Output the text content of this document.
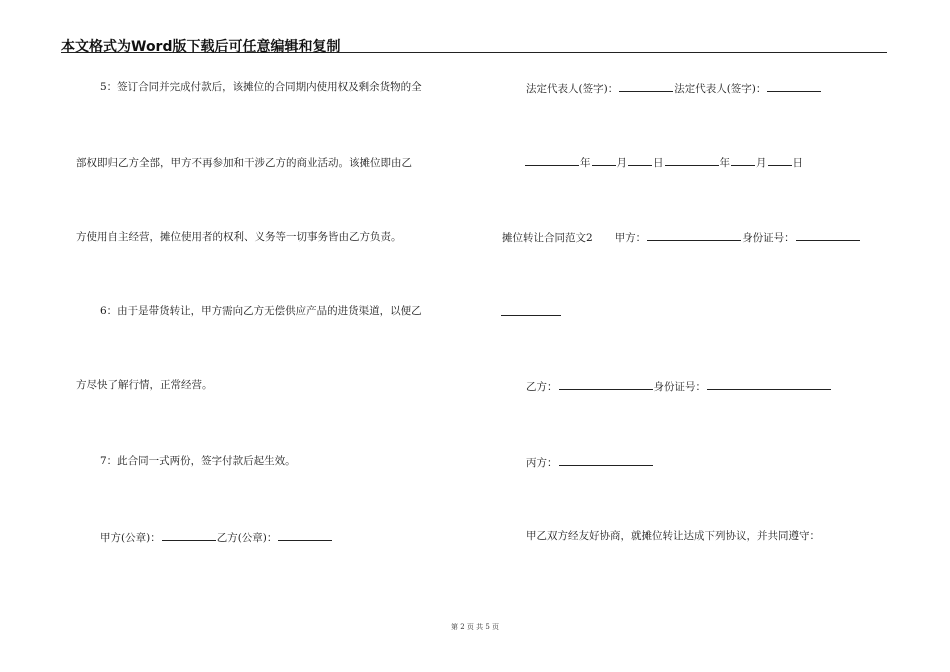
本文格式为Word版下载后可任意编辑和复制
5：签订合同并完成付款后，该摊位的合同期内使用权及剩余货物的全
部权即归乙方全部，甲方不再参加和干涉乙方的商业活动。该摊位即由乙
方使用自主经营，摊位使用者的权利、义务等一切事务皆由乙方负责。
6：由于是带货转让，甲方需向乙方无偿供应产品的进货渠道，以便乙
方尽快了解行情，正常经营。
7：此合同一式两份，签字付款后起生效。
甲方(公章)：	乙方(公章)：
法定代表人(签字)：	法定代表人(签字)：
年 月 日	年 月 日
摊位转让合同范文2 甲方：	身份证号：
乙方：	身份证号：
丙方：
甲乙双方经友好协商，就摊位转让达成下列协议，并共同遵守：
第 2 页 共 5 页
